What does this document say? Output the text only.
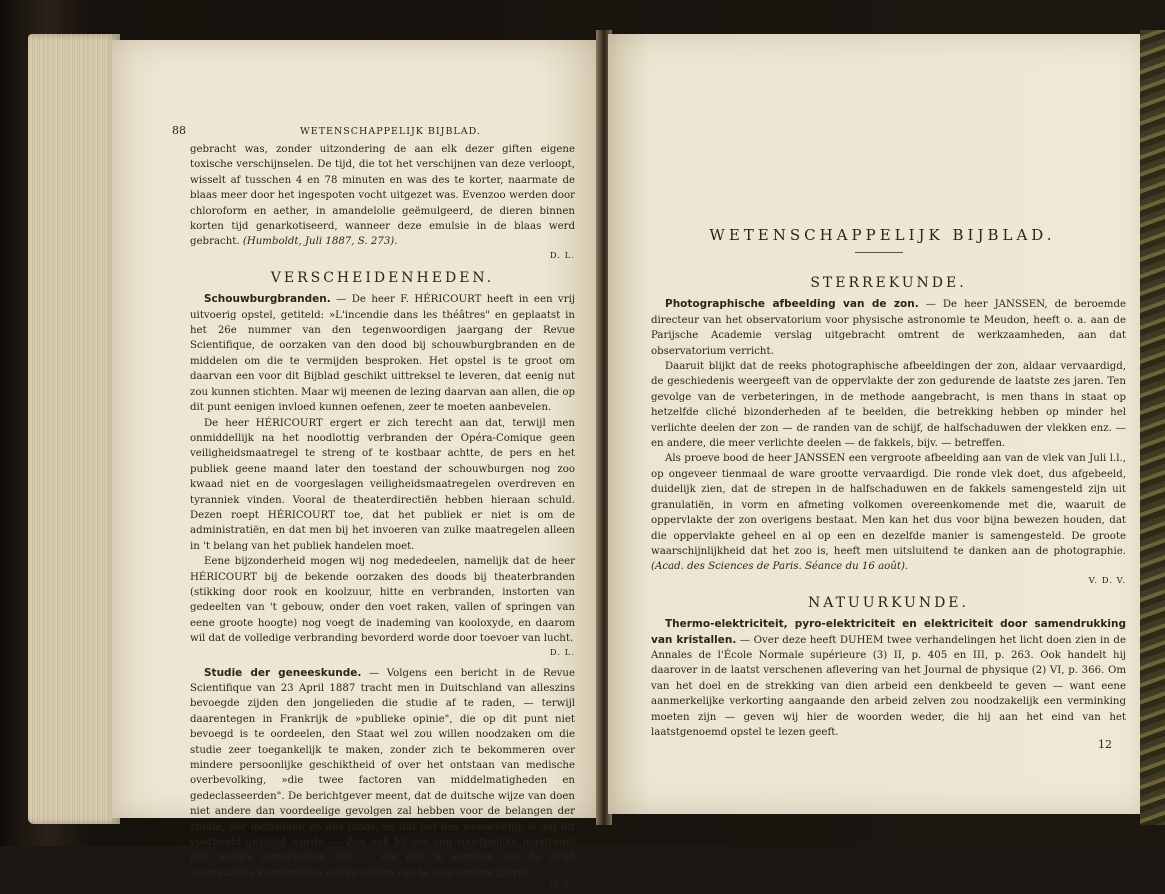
88	WETENSCHAPPELIJK BIJBLAD.

gebracht was, zonder uitzondering de aan elk dezer giften eigene toxische verschijnselen. De tijd, die tot het verschijnen van deze verloopt, wisselt af tusschen 4 en 78 minuten en was des te korter, naarmate de blaas meer door het ingespoten vocht uitgezet was. Evenzoo werden door chloroform en aether, in amandelolie geëmulgeerd, de dieren binnen korten tijd genarkotiseerd, wanneer deze emulsie in de blaas werd gebracht. (Humboldt, Juli 1887, S. 273).

D. L.

VERSCHEIDENHEDEN.

Schouwburgbranden. — De heer F. HÉRICOURT heeft in een vrij uitvoerig opstel, getiteld: »L'incendie dans les théâtres" en geplaatst in het 26e nummer van den tegenwoordigen jaargang der Revue Scientifique, de oorzaken van den dood bij schouwburgbranden en de middelen om die te vermijden besproken. Het opstel is te groot om daarvan een voor dit Bijblad geschikt uittreksel te leveren, dat eenig nut zou kunnen stichten. Maar wij meenen de lezing daarvan aan allen, die op dit punt eenigen invloed kunnen oefenen, zeer te moeten aanbevelen.

De heer HÉRICOURT ergert er zich terecht aan dat, terwijl men onmiddellijk na het noodlottig verbranden der Opéra-Comique geen veiligheidsmaatregel te streng of te kostbaar achtte, de pers en het publiek geene maand later den toestand der schouwburgen nog zoo kwaad niet en de voorgeslagen veiligheidsmaatregelen overdreven en tyranniek vinden. Vooral de theaterdirectiën hebben hieraan schuld. Dezen roept HÉRICOURT toe, dat het publiek er niet is om de administratiën, en dat men bij het invoeren van zulke maatregelen alleen in 't belang van het publiek handelen moet.

Eene bijzonderheid mogen wij nog mededeelen, namelijk dat de heer HÉRICOURT bij de bekende oorzaken des doods bij theaterbranden (stikking door rook en koolzuur, hitte en verbranden, instorten van gedeelten van 't gebouw, onder den voet raken, vallen of springen van eene groote hoogte) nog voegt de inademing van kooloxyde, en daarom wil dat de volledige verbranding bevorderd worde door toevoer van lucht.

D. L.

Studie der geneeskunde. — Volgens een bericht in de Revue Scientifique van 23 April 1887 tracht men in Duitschland van alleszins bevoegde zijden den jongelieden die studie af te raden, — terwijl daarentegen in Frankrijk de »publieke opinie", die op dit punt niet bevoegd is te oordeelen, den Staat wel zou willen noodzaken om die studie zeer toegankelijk te maken, zonder zich te bekommeren over mindere persoonlijke geschiktheid of over het ontstaan van medische overbevolking, »die twee factoren van middelmatigheden en gedeclasseerden". De berichtgever meent, dat de duitsche wijze van doen niet andere dan voordeelige gevolgen zal hebben voor de belangen der studie, der individuen en des lands, en dat het des wenschelijk is dat dit voorbeeld gevolgd worde. — Zou ook bij ons een soortgelijke maatregel niet weldra aangewezen zijn, — om niet te spreken van de altijd voortgaande kunstmatige aankweeking van te veel onderwijzers?

D. L.

WETENSCHAPPELIJK BIJBLAD.
STERREKUNDE.

Photographische afbeelding van de zon. — De heer JANSSEN, de beroemde directeur van het observatorium voor physische astronomie te Meudon, heeft o. a. aan de Parijsche Academie verslag uitgebracht omtrent de werkzaamheden, aan dat observatorium verricht.

Daaruit blijkt dat de reeks photographische afbeeldingen der zon, aldaar vervaardigd, de geschiedenis weergeeft van de oppervlakte der zon gedurende de laatste zes jaren. Ten gevolge van de verbeteringen, in de methode aangebracht, is men thans in staat op hetzelfde cliché bizonderheden af te beelden, die betrekking hebben op minder hel verlichte deelen der zon — de randen van de schijf, de halfschaduwen der vlekken enz. — en andere, die meer verlichte deelen — de fakkels, bijv. — betreffen.

Als proeve bood de heer JANSSEN een vergroote afbeelding aan van de vlek van Juli l.l., op ongeveer tienmaal de ware grootte vervaardigd. Die ronde vlek doet, dus afgebeeld, duidelijk zien, dat de strepen in de halfschaduwen en de fakkels samengesteld zijn uit granulatiën, in vorm en afmeting volkomen overeenkomende met die, waaruit de oppervlakte der zon overigens bestaat. Men kan het dus voor bijna bewezen houden, dat die oppervlakte geheel en al op een en dezelfde manier is samengesteld. De groote waarschijnlijkheid dat het zoo is, heeft men uitsluitend te danken aan de photographie. (Acad. des Sciences de Paris. Séance du 16 août).

V. D. V.

NATUURKUNDE.

Thermo-elektriciteit, pyro-elektriciteit en elektriciteit door samendrukking van kristallen. — Over deze heeft DUHEM twee verhandelingen het licht doen zien in de Annales de l'École Normale supérieure (3) II, p. 405 en III, p. 263. Ook handelt hij daarover in de laatst verschenen aflevering van het Journal de physique (2) VI, p. 366. Om van het doel en de strekking van dien arbeid een denkbeeld te geven — want eene aanmerkelijke verkorting aangaande den arbeid zelven zou noodzakelijk een verminking moeten zijn — geven wij hier de woorden weder, die hij aan het eind van het laatstgenoemd opstel te lezen geeft.

12
